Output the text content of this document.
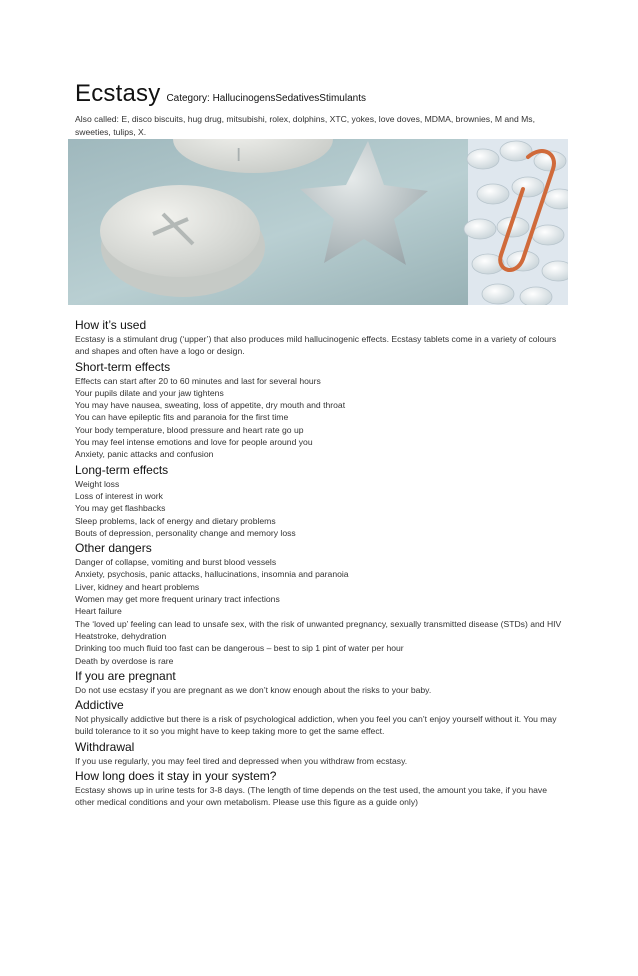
Ecstasy Category: HallucinogensSedativesStimulants
Also called: E, disco biscuits, hug drug, mitsubishi, rolex, dolphins, XTC, yokes, love doves, MDMA, brownies, M and Ms, sweeties, tulips, X.
I
How it’s used
Ecstasy is a stimulant drug (‘upper’) that also produces mild hallucinogenic effects. Ecstasy tablets come in a variety of colours and shapes and often have a logo or design.
Short-term effects
Effects can start after 20 to 60 minutes and last for several hours
Your pupils dilate and your jaw tightens
You may have nausea, sweating, loss of appetite, dry mouth and throat
You can have epileptic fits and paranoia for the first time
Your body temperature, blood pressure and heart rate go up
You may feel intense emotions and love for people around you
Anxiety, panic attacks and confusion
Long-term effects
Weight loss
Loss of interest in work
You may get flashbacks
Sleep problems, lack of energy and dietary problems
Bouts of depression, personality change and memory loss
Other dangers
Danger of collapse, vomiting and burst blood vessels
Anxiety, psychosis, panic attacks, hallucinations, insomnia and paranoia
Liver, kidney and heart problems
Women may get more frequent urinary tract infections
Heart failure
The ‘loved up’ feeling can lead to unsafe sex, with the risk of unwanted pregnancy, sexually transmitted disease (STDs) and HIV
Heatstroke, dehydration
Drinking too much fluid too fast can be dangerous – best to sip 1 pint of water per hour
Death by overdose is rare
If you are pregnant
Do not use ecstasy if you are pregnant as we don’t know enough about the risks to your baby.
Addictive
Not physically addictive but there is a risk of psychological addiction, when you feel you can’t enjoy yourself without it. You may build tolerance to it so you might have to keep taking more to get the same effect.
Withdrawal
If you use regularly, you may feel tired and depressed when you withdraw from ecstasy.
How long does it stay in your system?
Ecstasy shows up in urine tests for 3-8 days. (The length of time depends on the test used, the amount you take, if you have other medical conditions and your own metabolism. Please use this figure as a guide only)
